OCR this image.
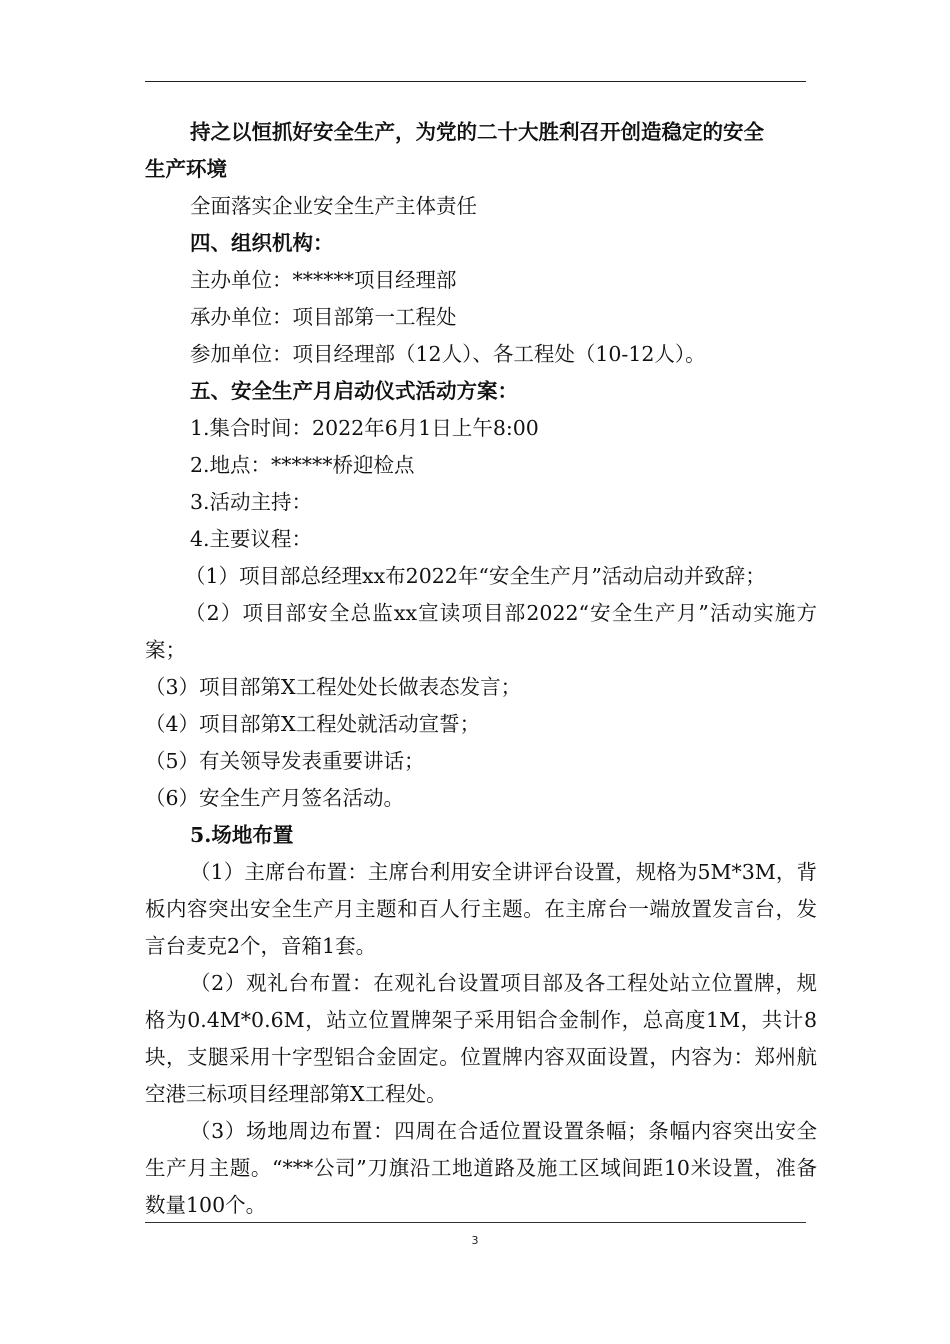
持之以恒抓好安全生产，为党的二十大胜利召开创造稳定的安全
生产环境
全面落实企业安全生产主体责任
四、组织机构：
主办单位：******项目经理部
承办单位：项目部第一工程处
参加单位：项目经理部（12人）、各工程处（10-12人）。
五、安全生产月启动仪式活动方案：
1.集合时间：2022年6月1日上午8:00
2.地点：******桥迎检点
3.活动主持：
4.主要议程：
（1）项目部总经理xx布2022年“安全生产月”活动启动并致辞；
（2）项目部安全总监xx宣读项目部2022“安全生产月”活动实施方案；
（3）项目部第X工程处处长做表态发言；
（4）项目部第X工程处就活动宣誓；
（5）有关领导发表重要讲话；
（6）安全生产月签名活动。
5.场地布置
（1）主席台布置：主席台利用安全讲评台设置，规格为5M*3M，背板内容突出安全生产月主题和百人行主题。在主席台一端放置发言台，发言台麦克2个，音箱1套。
（2）观礼台布置：在观礼台设置项目部及各工程处站立位置牌，规格为0.4M*0.6M，站立位置牌架子采用铝合金制作，总高度1M，共计8块，支腿采用十字型铝合金固定。位置牌内容双面设置，内容为：郑州航空港三标项目经理部第X工程处。
（3）场地周边布置：四周在合适位置设置条幅；条幅内容突出安全生产月主题。“***公司”刀旗沿工地道路及施工区域间距10米设置，准备数量100个。
3
